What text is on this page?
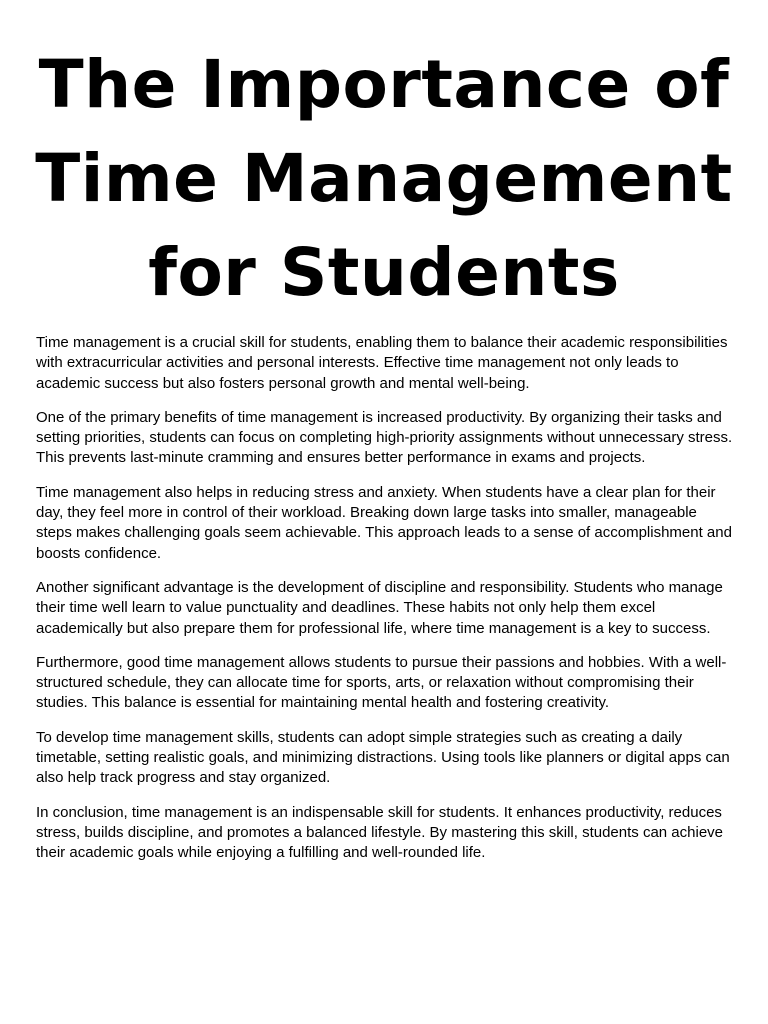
The Importance of
Time Management
for Students

Time management is a crucial skill for students, enabling them to balance their academic responsibilities with extracurricular activities and personal interests. Effective time management not only leads to academic success but also fosters personal growth and mental well-being.

One of the primary benefits of time management is increased productivity. By organizing their tasks and setting priorities, students can focus on completing high-priority assignments without unnecessary stress. This prevents last-minute cramming and ensures better performance in exams and projects.

Time management also helps in reducing stress and anxiety. When students have a clear plan for their day, they feel more in control of their workload. Breaking down large tasks into smaller, manageable steps makes challenging goals seem achievable. This approach leads to a sense of accomplishment and boosts confidence.

Another significant advantage is the development of discipline and responsibility. Students who manage their time well learn to value punctuality and deadlines. These habits not only help them excel academically but also prepare them for professional life, where time management is a key to success.

Furthermore, good time management allows students to pursue their passions and hobbies. With a well-structured schedule, they can allocate time for sports, arts, or relaxation without compromising their studies. This balance is essential for maintaining mental health and fostering creativity.

To develop time management skills, students can adopt simple strategies such as creating a daily timetable, setting realistic goals, and minimizing distractions. Using tools like planners or digital apps can also help track progress and stay organized.

In conclusion, time management is an indispensable skill for students. It enhances productivity, reduces stress, builds discipline, and promotes a balanced lifestyle. By mastering this skill, students can achieve their academic goals while enjoying a fulfilling and well-rounded life.
